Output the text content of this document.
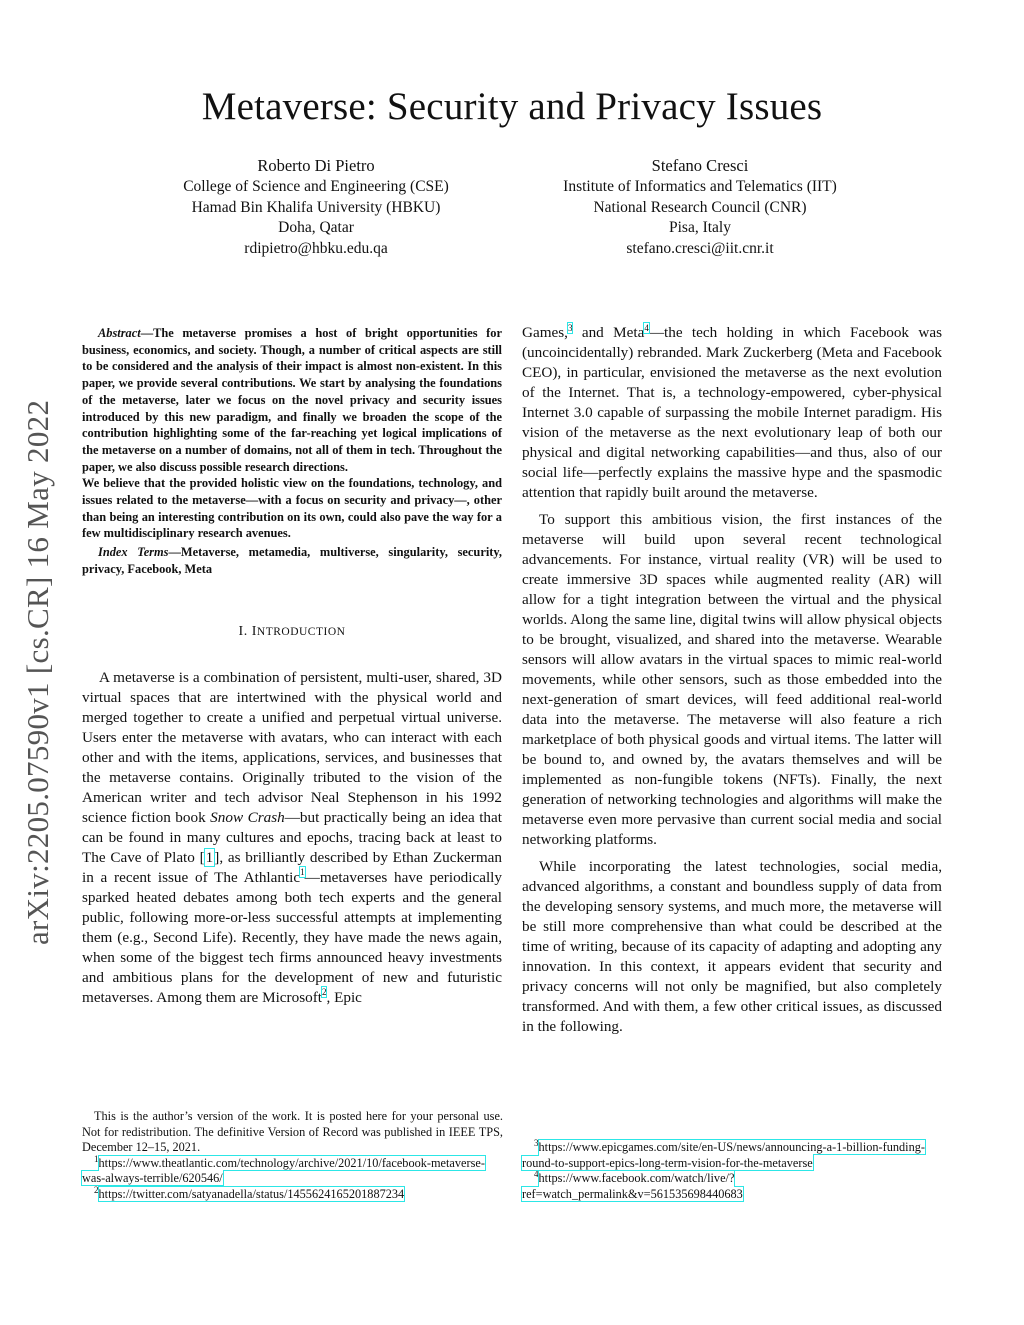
Metaverse: Security and Privacy Issues
Roberto Di Pietro
College of Science and Engineering (CSE)
Hamad Bin Khalifa University (HBKU)
Doha, Qatar
rdipietro@hbku.edu.qa
Stefano Cresci
Institute of Informatics and Telematics (IIT)
National Research Council (CNR)
Pisa, Italy
stefano.cresci@iit.cnr.it
arXiv:2205.07590v1 [cs.CR] 16 May 2022

Abstract—The metaverse promises a host of bright opportunities for business, economics, and society. Though, a number of critical aspects are still to be considered and the analysis of their impact is almost non-existent. In this paper, we provide several contributions. We start by analysing the foundations of the metaverse, later we focus on the novel privacy and security issues introduced by this new paradigm, and finally we broaden the scope of the contribution highlighting some of the far-reaching yet logical implications of the metaverse on a number of domains, not all of them in tech. Throughout the paper, we also discuss possible research directions.

We believe that the provided holistic view on the foundations, technology, and issues related to the metaverse—with a focus on security and privacy—, other than being an interesting contribution on its own, could also pave the way for a few multidisciplinary research avenues.

Index Terms—Metaverse, metamedia, multiverse, singularity, security, privacy, Facebook, Meta

I. INTRODUCTION

A metaverse is a combination of persistent, multi-user, shared, 3D virtual spaces that are intertwined with the physical world and merged together to create a unified and perpetual virtual universe. Users enter the metaverse with avatars, who can interact with each other and with the items, applications, services, and businesses that the metaverse contains. Originally tributed to the vision of the American writer and tech advisor Neal Stephenson in his 1992 science fiction book Snow Crash—but practically being an idea that can be found in many cultures and epochs, tracing back at least to The Cave of Plato [1], as brilliantly described by Ethan Zuckerman in a recent issue of The Athlantic$^1$—metaverses have periodically sparked heated debates among both tech experts and the general public, following more-or-less successful attempts at implementing them (e.g., Second Life). Recently, they have made the news again, when some of the biggest tech firms announced heavy investments and ambitious plans for the development of new and futuristic metaverses. Among them are Microsoft$^2$, Epic

Games,$^3$ and Meta$^4$—the tech holding in which Facebook was (uncoincidentally) rebranded. Mark Zuckerberg (Meta and Facebook CEO), in particular, envisioned the metaverse as the next evolution of the Internet. That is, a technology-empowered, cyber-physical Internet 3.0 capable of surpassing the mobile Internet paradigm. His vision of the metaverse as the next evolutionary leap of both our physical and digital networking capabilities—and thus, also of our social life—perfectly explains the massive hype and the spasmodic attention that rapidly built around the metaverse.

To support this ambitious vision, the first instances of the metaverse will build upon several recent technological advancements. For instance, virtual reality (VR) will be used to create immersive 3D spaces while augmented reality (AR) will allow for a tight integration between the virtual and the physical worlds. Along the same line, digital twins will allow physical objects to be brought, visualized, and shared into the metaverse. Wearable sensors will allow avatars in the virtual spaces to mimic real-world movements, while other sensors, such as those embedded into the next-generation of smart devices, will feed additional real-world data into the metaverse. The metaverse will also feature a rich marketplace of both physical goods and virtual items. The latter will be bound to, and owned by, the avatars themselves and will be implemented as non-fungible tokens (NFTs). Finally, the next generation of networking technologies and algorithms will make the metaverse even more pervasive than current social media and social networking platforms.

While incorporating the latest technologies, social media, advanced algorithms, a constant and boundless supply of data from the developing sensory systems, and much more, the metaverse will be still more comprehensive than what could be described at the time of writing, because of its capacity of adapting and adopting any innovation. In this context, it appears evident that security and privacy concerns will not only be magnified, but also completely transformed. And with them, a few other critical issues, as discussed in the following.

This is the author’s version of the work. It is posted here for your personal use. Not for redistribution. The definitive Version of Record was published in IEEE TPS, December 12–15, 2021.

$^1$https://www.theatlantic.com/technology/archive/2021/10/facebook-metaverse-was-always-terrible/620546/

$^2$https://twitter.com/satyanadella/status/1455624165201887234

$^3$https://www.epicgames.com/site/en-US/news/announcing-a-1-billion-funding-round-to-support-epics-long-term-vision-for-the-metaverse

$^4$https://www.facebook.com/watch/live/?ref=watch_permalink&v=561535698440683
